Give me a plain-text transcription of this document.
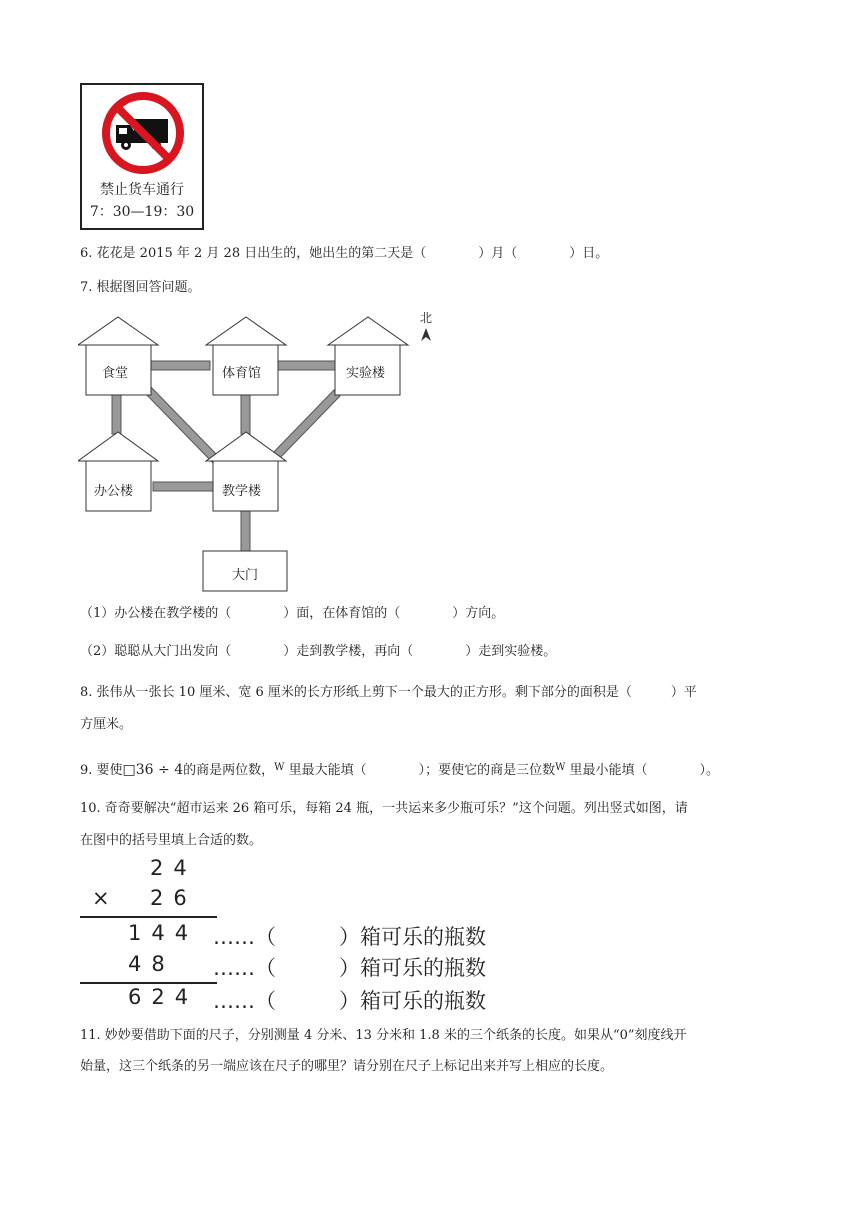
禁止货车通行
7：30—19：30
6. 花花是 2015 年 2 月 28 日出生的，她出生的第二天是（　　　　）月（　　　　）日。
7. 根据图回答问题。
食堂	体育馆	实验楼
办公楼	教学楼
大门
北
（1）办公楼在教学楼的（　　　　）面，在体育馆的（　　　　）方向。
（2）聪聪从大门出发向（　　　　）走到教学楼，再向（　　　　）走到实验楼。
8. 张伟从一张长 10 厘米、宽 6 厘米的长方形纸上剪下一个最大的正方形。剩下部分的面积是（　　　）平
方厘米。
9. 要使□36 ÷ 4的商是两位数，$^W$ 里最大能填（　　　　）；要使它的商是三位数$^W$ 里最小能填（　　　　）。
10. 奇奇要解决“超市运来 26 箱可乐，每箱 24 瓶，一共运来多少瓶可乐？”这个问题。列出竖式如图，请
在图中的括号里填上合适的数。
24
× 26
144 ……（　　　）箱可乐的瓶数
48 ……（　　　）箱可乐的瓶数
624 ……（　　　）箱可乐的瓶数
11. 妙妙要借助下面的尺子，分别测量 4 分米、13 分米和 1.8 米的三个纸条的长度。如果从“0”刻度线开
始量，这三个纸条的另一端应该在尺子的哪里？请分别在尺子上标记出来并写上相应的长度。
